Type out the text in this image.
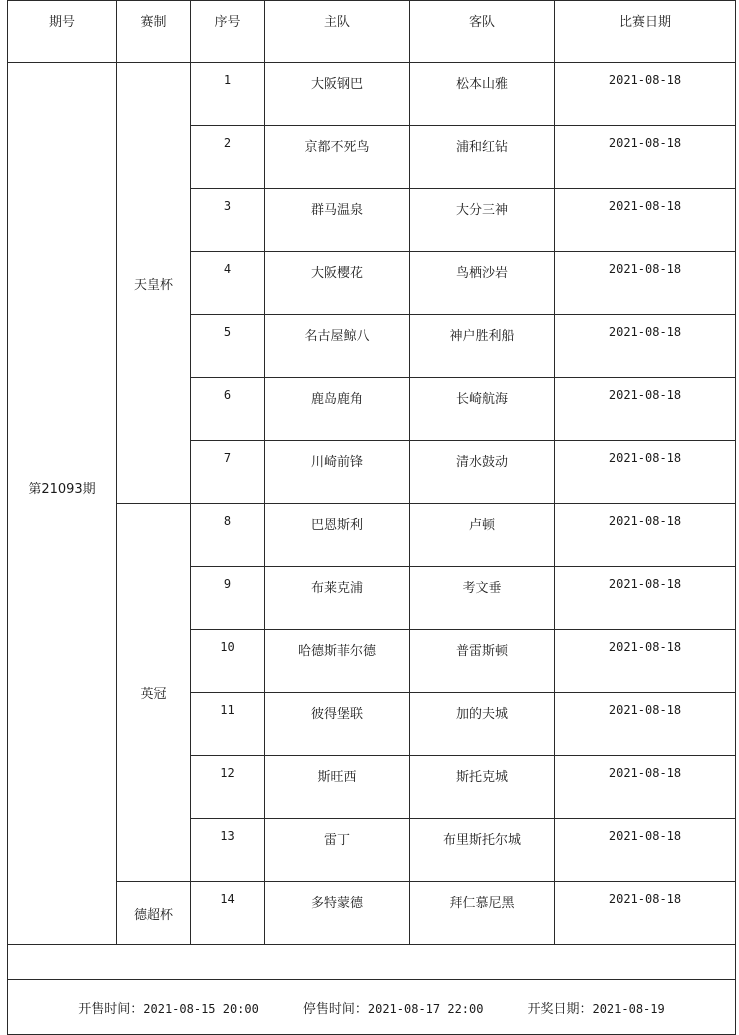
期号	赛制	序号	主队	客队	比赛日期
第21093期	天皇杯	1	大阪钢巴	松本山雅	2021-08-18
		2	京都不死鸟	浦和红钻	2021-08-18
		3	群马温泉	大分三神	2021-08-18
		4	大阪樱花	鸟栖沙岩	2021-08-18
		5	名古屋鲸八	神户胜利船	2021-08-18
		6	鹿岛鹿角	长崎航海	2021-08-18
		7	川崎前锋	清水鼓动	2021-08-18
	英冠	8	巴恩斯利	卢顿	2021-08-18
		9	布莱克浦	考文垂	2021-08-18
		10	哈德斯菲尔德	普雷斯顿	2021-08-18
		11	彼得堡联	加的夫城	2021-08-18
		12	斯旺西	斯托克城	2021-08-18
		13	雷丁	布里斯托尔城	2021-08-18
	德超杯	14	多特蒙德	拜仁慕尼黑	2021-08-18

开售时间：2021-08-15 20:00 停售时间：2021-08-17 22:00 开奖日期：2021-08-19					
